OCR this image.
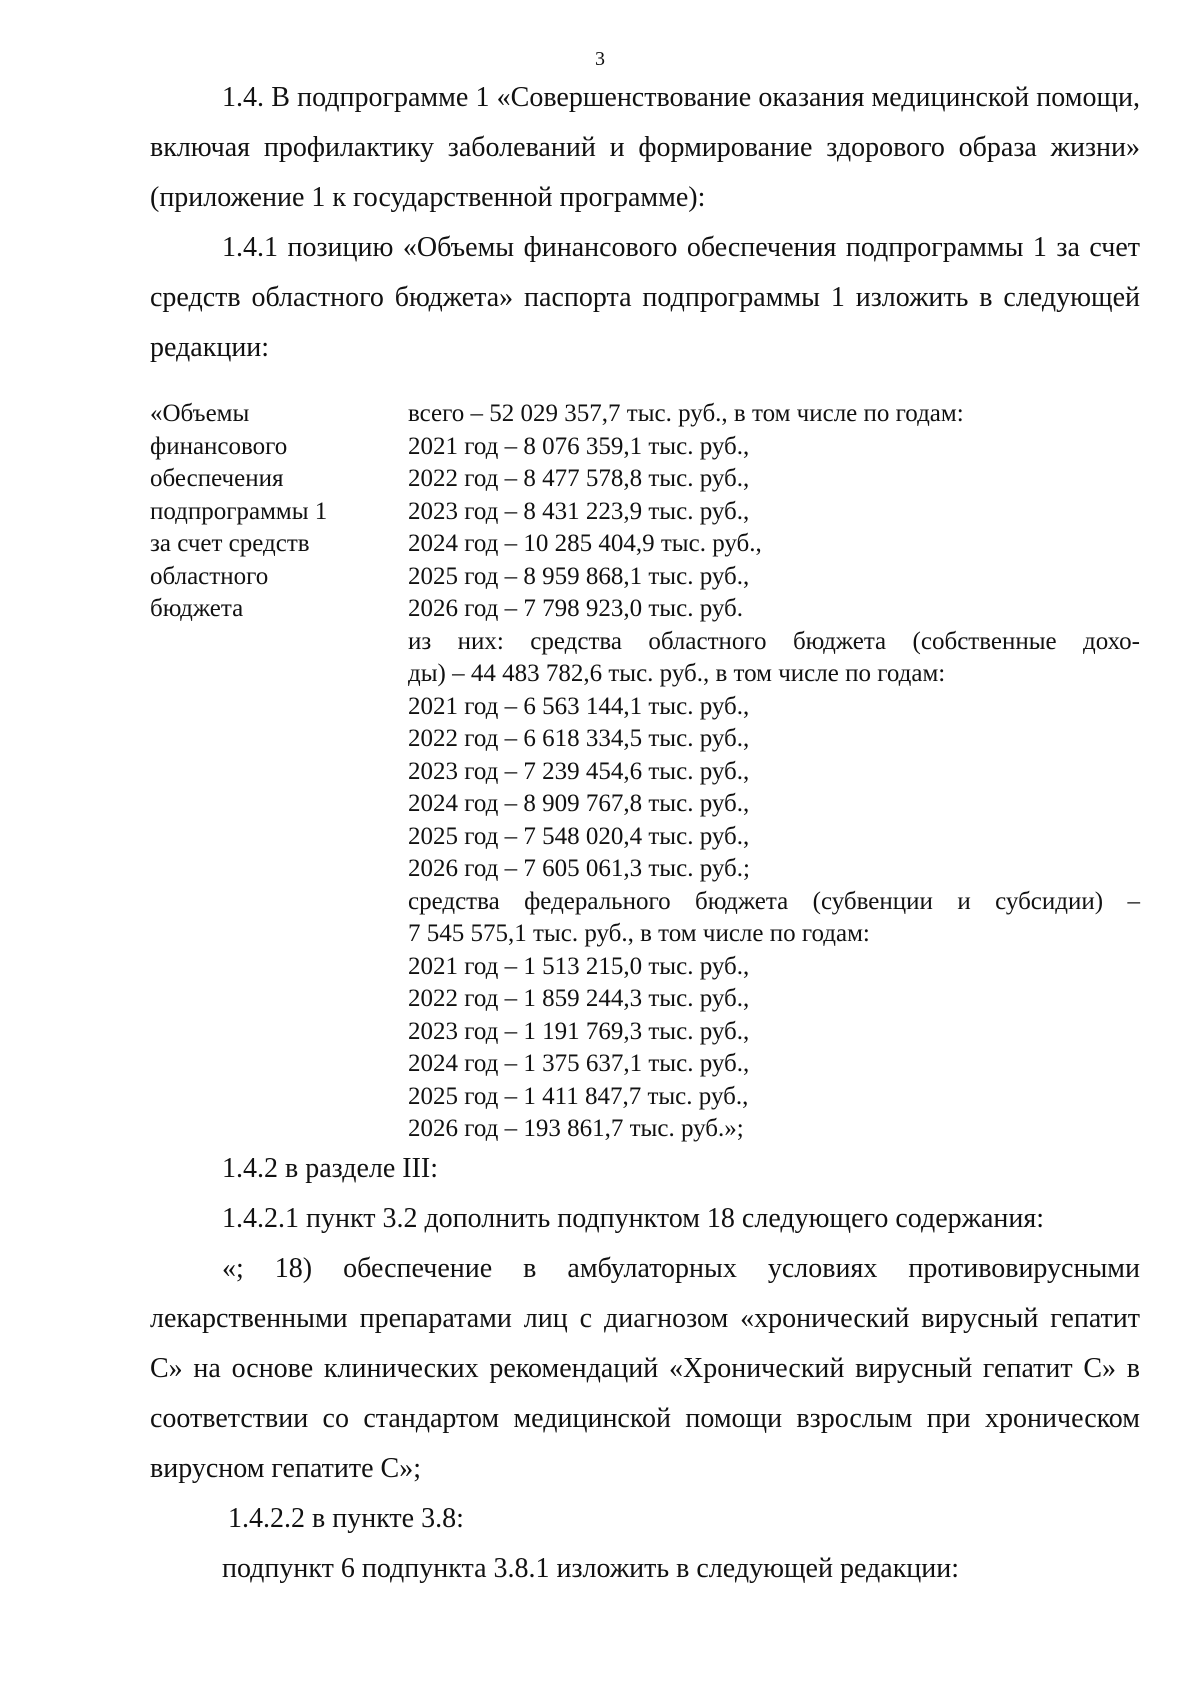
3

1.4. В подпрограмме 1 «Совершенствование оказания медицинской помощи, включая профилактику заболеваний и формирование здорового образа жизни» (приложение 1 к государственной программе):

1.4.1 позицию «Объемы финансового обеспечения подпрограммы 1 за счет средств областного бюджета» паспорта подпрограммы 1 изложить в следующей редакции:

«Объемы
финансового
обеспечения
подпрограммы 1
за счет средств
областного
бюджета
всего – 52 029 357,7 тыс. руб., в том числе по годам:
2021 год – 8 076 359,1 тыс. руб.,
2022 год – 8 477 578,8 тыс. руб.,
2023 год – 8 431 223,9 тыс. руб.,
2024 год – 10 285 404,9 тыс. руб.,
2025 год – 8 959 868,1 тыс. руб.,
2026 год – 7 798 923,0 тыс. руб.
из них: средства областного бюджета (собственные дохо-
ды) – 44 483 782,6 тыс. руб., в том числе по годам:
2021 год – 6 563 144,1 тыс. руб.,
2022 год – 6 618 334,5 тыс. руб.,
2023 год – 7 239 454,6 тыс. руб.,
2024 год – 8 909 767,8 тыс. руб.,
2025 год – 7 548 020,4 тыс. руб.,
2026 год – 7 605 061,3 тыс. руб.;
средства федерального бюджета (субвенции и субсидии) –
7 545 575,1 тыс. руб., в том числе по годам:
2021 год – 1 513 215,0 тыс. руб.,
2022 год – 1 859 244,3 тыс. руб.,
2023 год – 1 191 769,3 тыс. руб.,
2024 год – 1 375 637,1 тыс. руб.,
2025 год – 1 411 847,7 тыс. руб.,
2026 год – 193 861,7 тыс. руб.»;

1.4.2 в разделе III:

1.4.2.1 пункт 3.2 дополнить подпунктом 18 следующего содержания:

«; 18) обеспечение в амбулаторных условиях противовирусными лекарственными препаратами лиц с диагнозом «хронический вирусный гепатит С» на основе клинических рекомендаций «Хронический вирусный гепатит С» в соответствии со стандартом медицинской помощи взрослым при хроническом вирусном гепатите С»;

1.4.2.2 в пункте 3.8:

подпункт 6 подпункта 3.8.1 изложить в следующей редакции:
